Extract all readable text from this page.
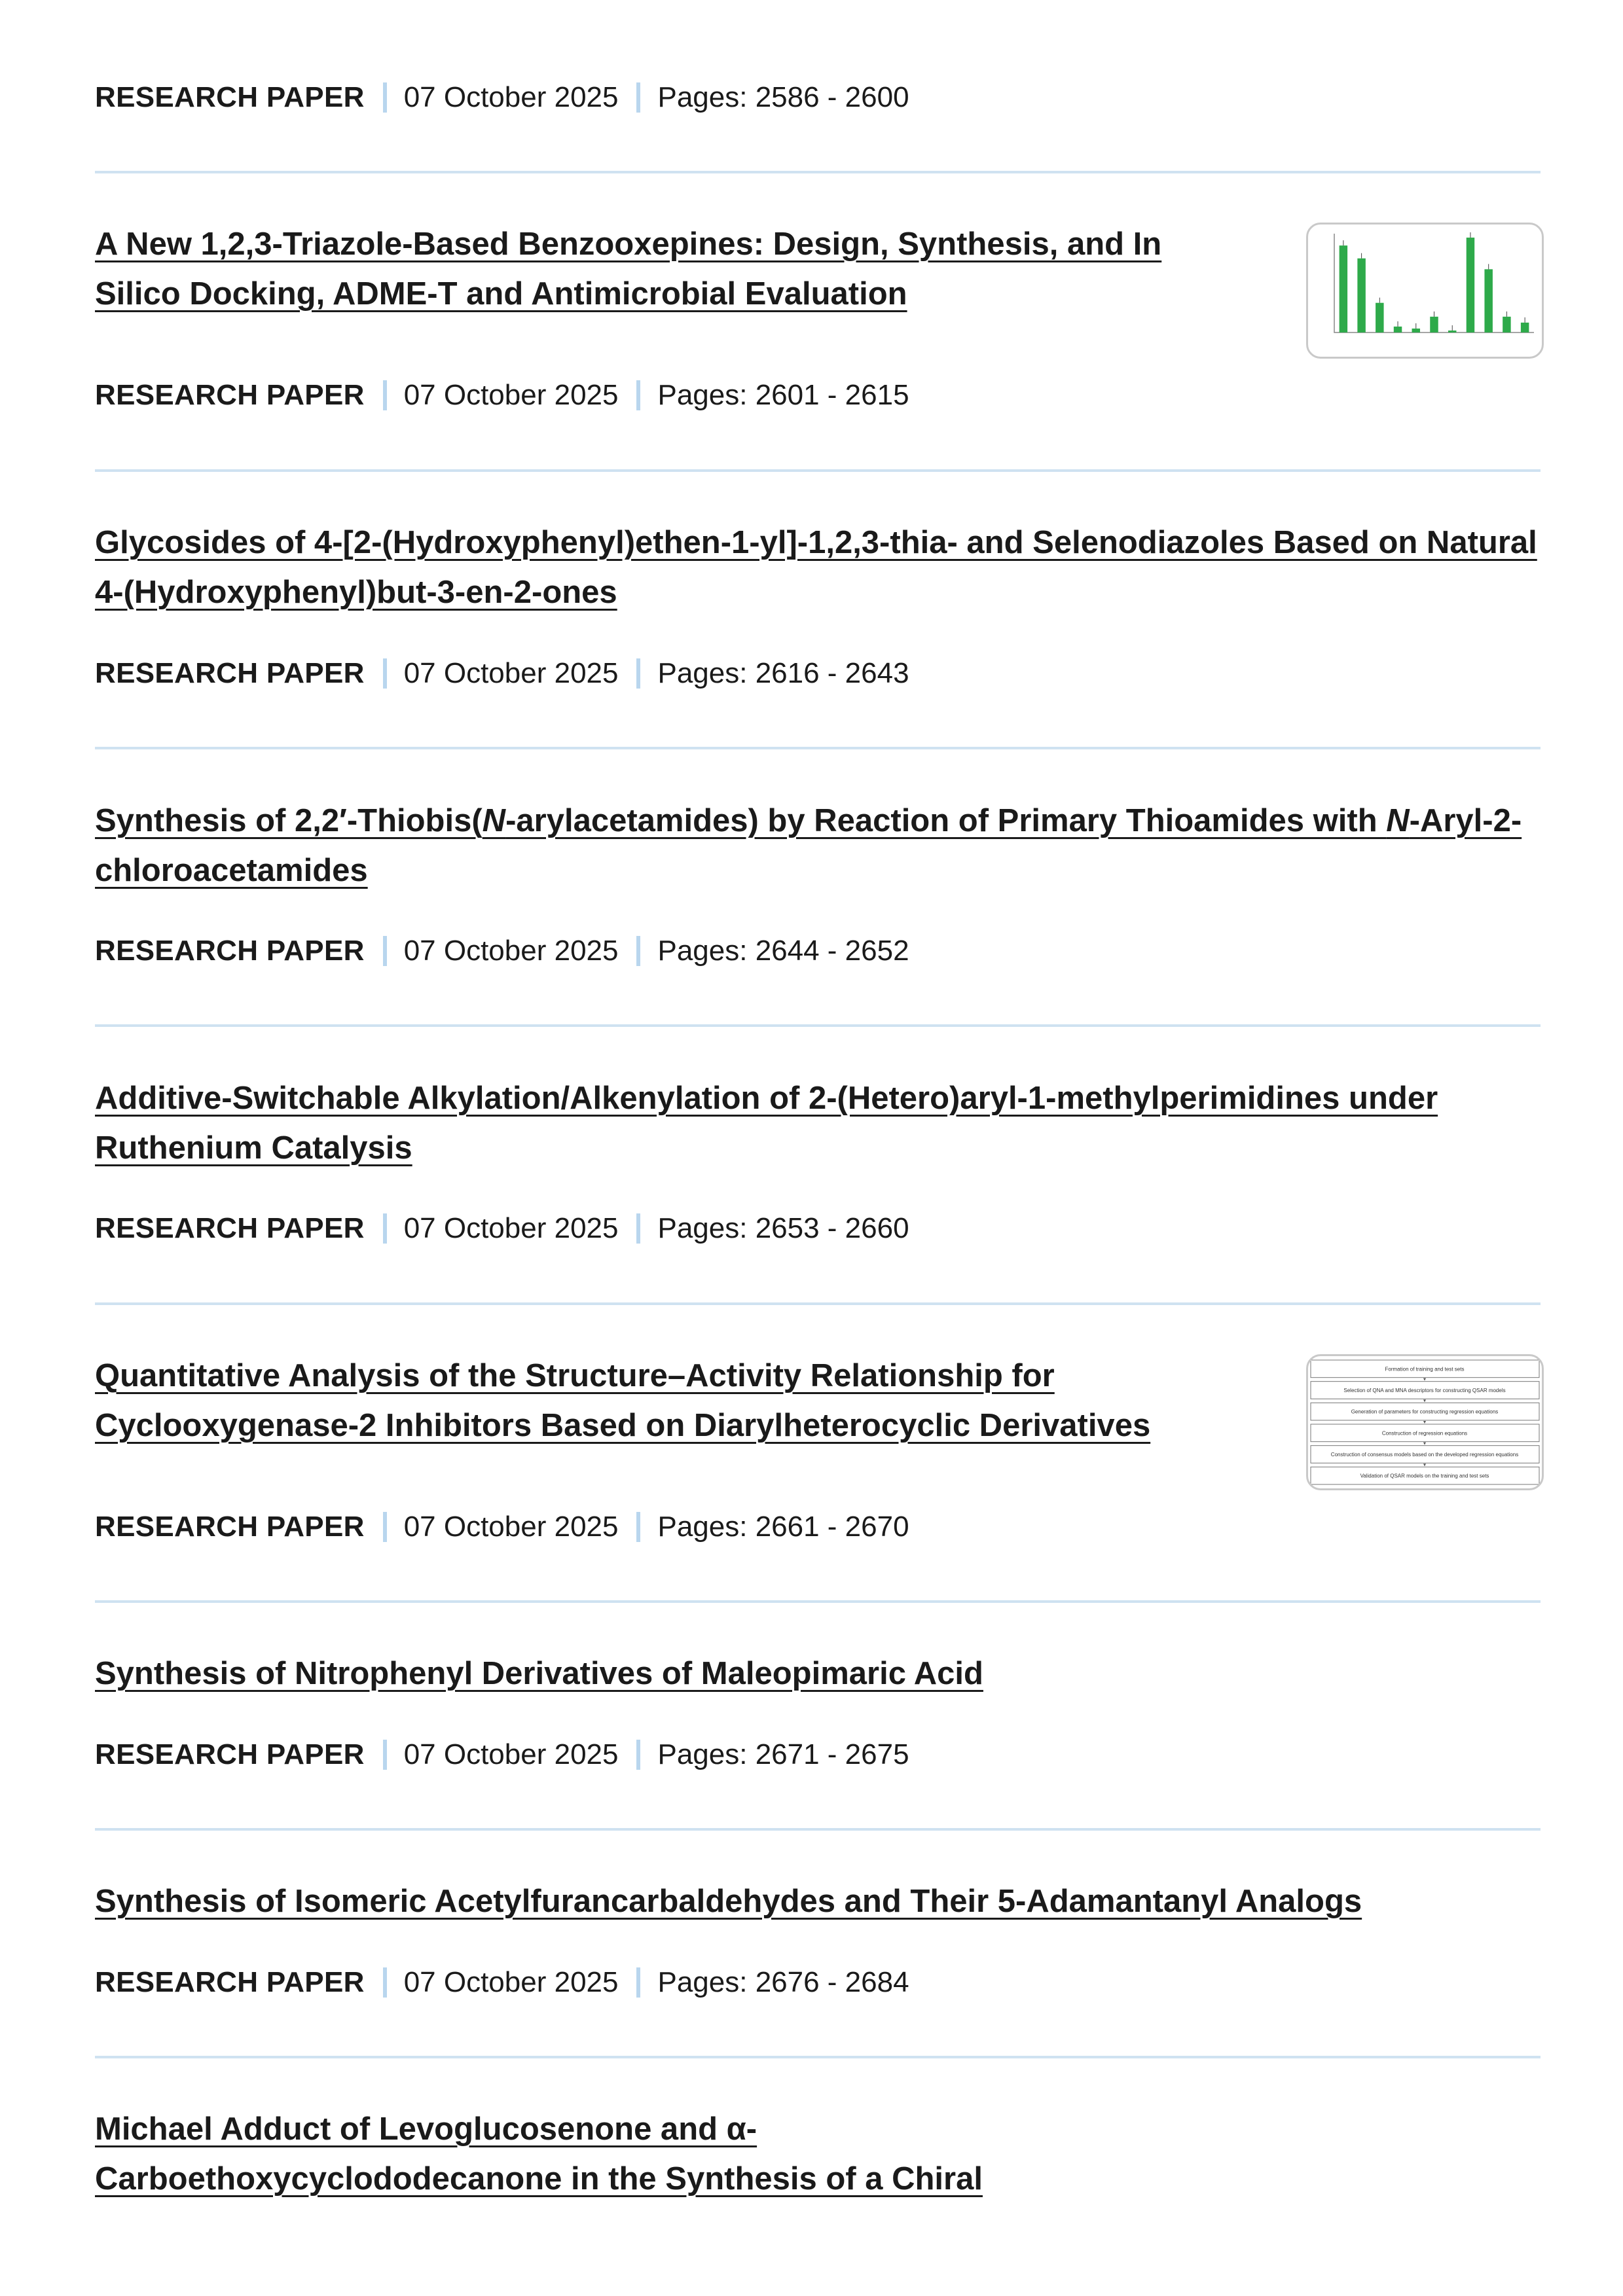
RESEARCH PAPER 07 October 2025 Pages: 2586 - 2600
A New 1,2,3-Triazole-Based Benzooxepines: Design, Synthesis, and In Silico Docking, ADME-T and Antimicrobial Evaluation
RESEARCH PAPER 07 October 2025 Pages: 2601 - 2615
Glycosides of 4-[2-(Hydroxyphenyl)ethen-1-yl]-1,2,3-thia- and Selenodiazoles Based on Natural 4-(Hydroxyphenyl)but-3-en-2-ones
RESEARCH PAPER 07 October 2025 Pages: 2616 - 2643
Synthesis of 2,2′-Thiobis(N-arylacetamides) by Reaction of Primary Thioamides with N-Aryl-2-chloroacetamides
RESEARCH PAPER 07 October 2025 Pages: 2644 - 2652
Additive-Switchable Alkylation/Alkenylation of 2-(Hetero)aryl-1-methylperimidines under Ruthenium Catalysis
RESEARCH PAPER 07 October 2025 Pages: 2653 - 2660
Quantitative Analysis of the Structure–Activity Relationship for Cyclooxygenase-2 Inhibitors Based on Diarylheterocyclic Derivatives
Formation of training and test sets
Selection of QNA and MNA descriptors for constructing QSAR models
Generation of parameters for constructing regression equations
Construction of regression equations
Construction of consensus models based on the developed regression equations
Validation of QSAR models on the training and test sets
RESEARCH PAPER 07 October 2025 Pages: 2661 - 2670
Synthesis of Nitrophenyl Derivatives of Maleopimaric Acid
RESEARCH PAPER 07 October 2025 Pages: 2671 - 2675
Synthesis of Isomeric Acetylfurancarbaldehydes and Their 5-Adamantanyl Analogs
RESEARCH PAPER 07 October 2025 Pages: 2676 - 2684
Michael Adduct of Levoglucosenone and α-
Carboethoxycyclododecanone in the Synthesis of a Chiral
